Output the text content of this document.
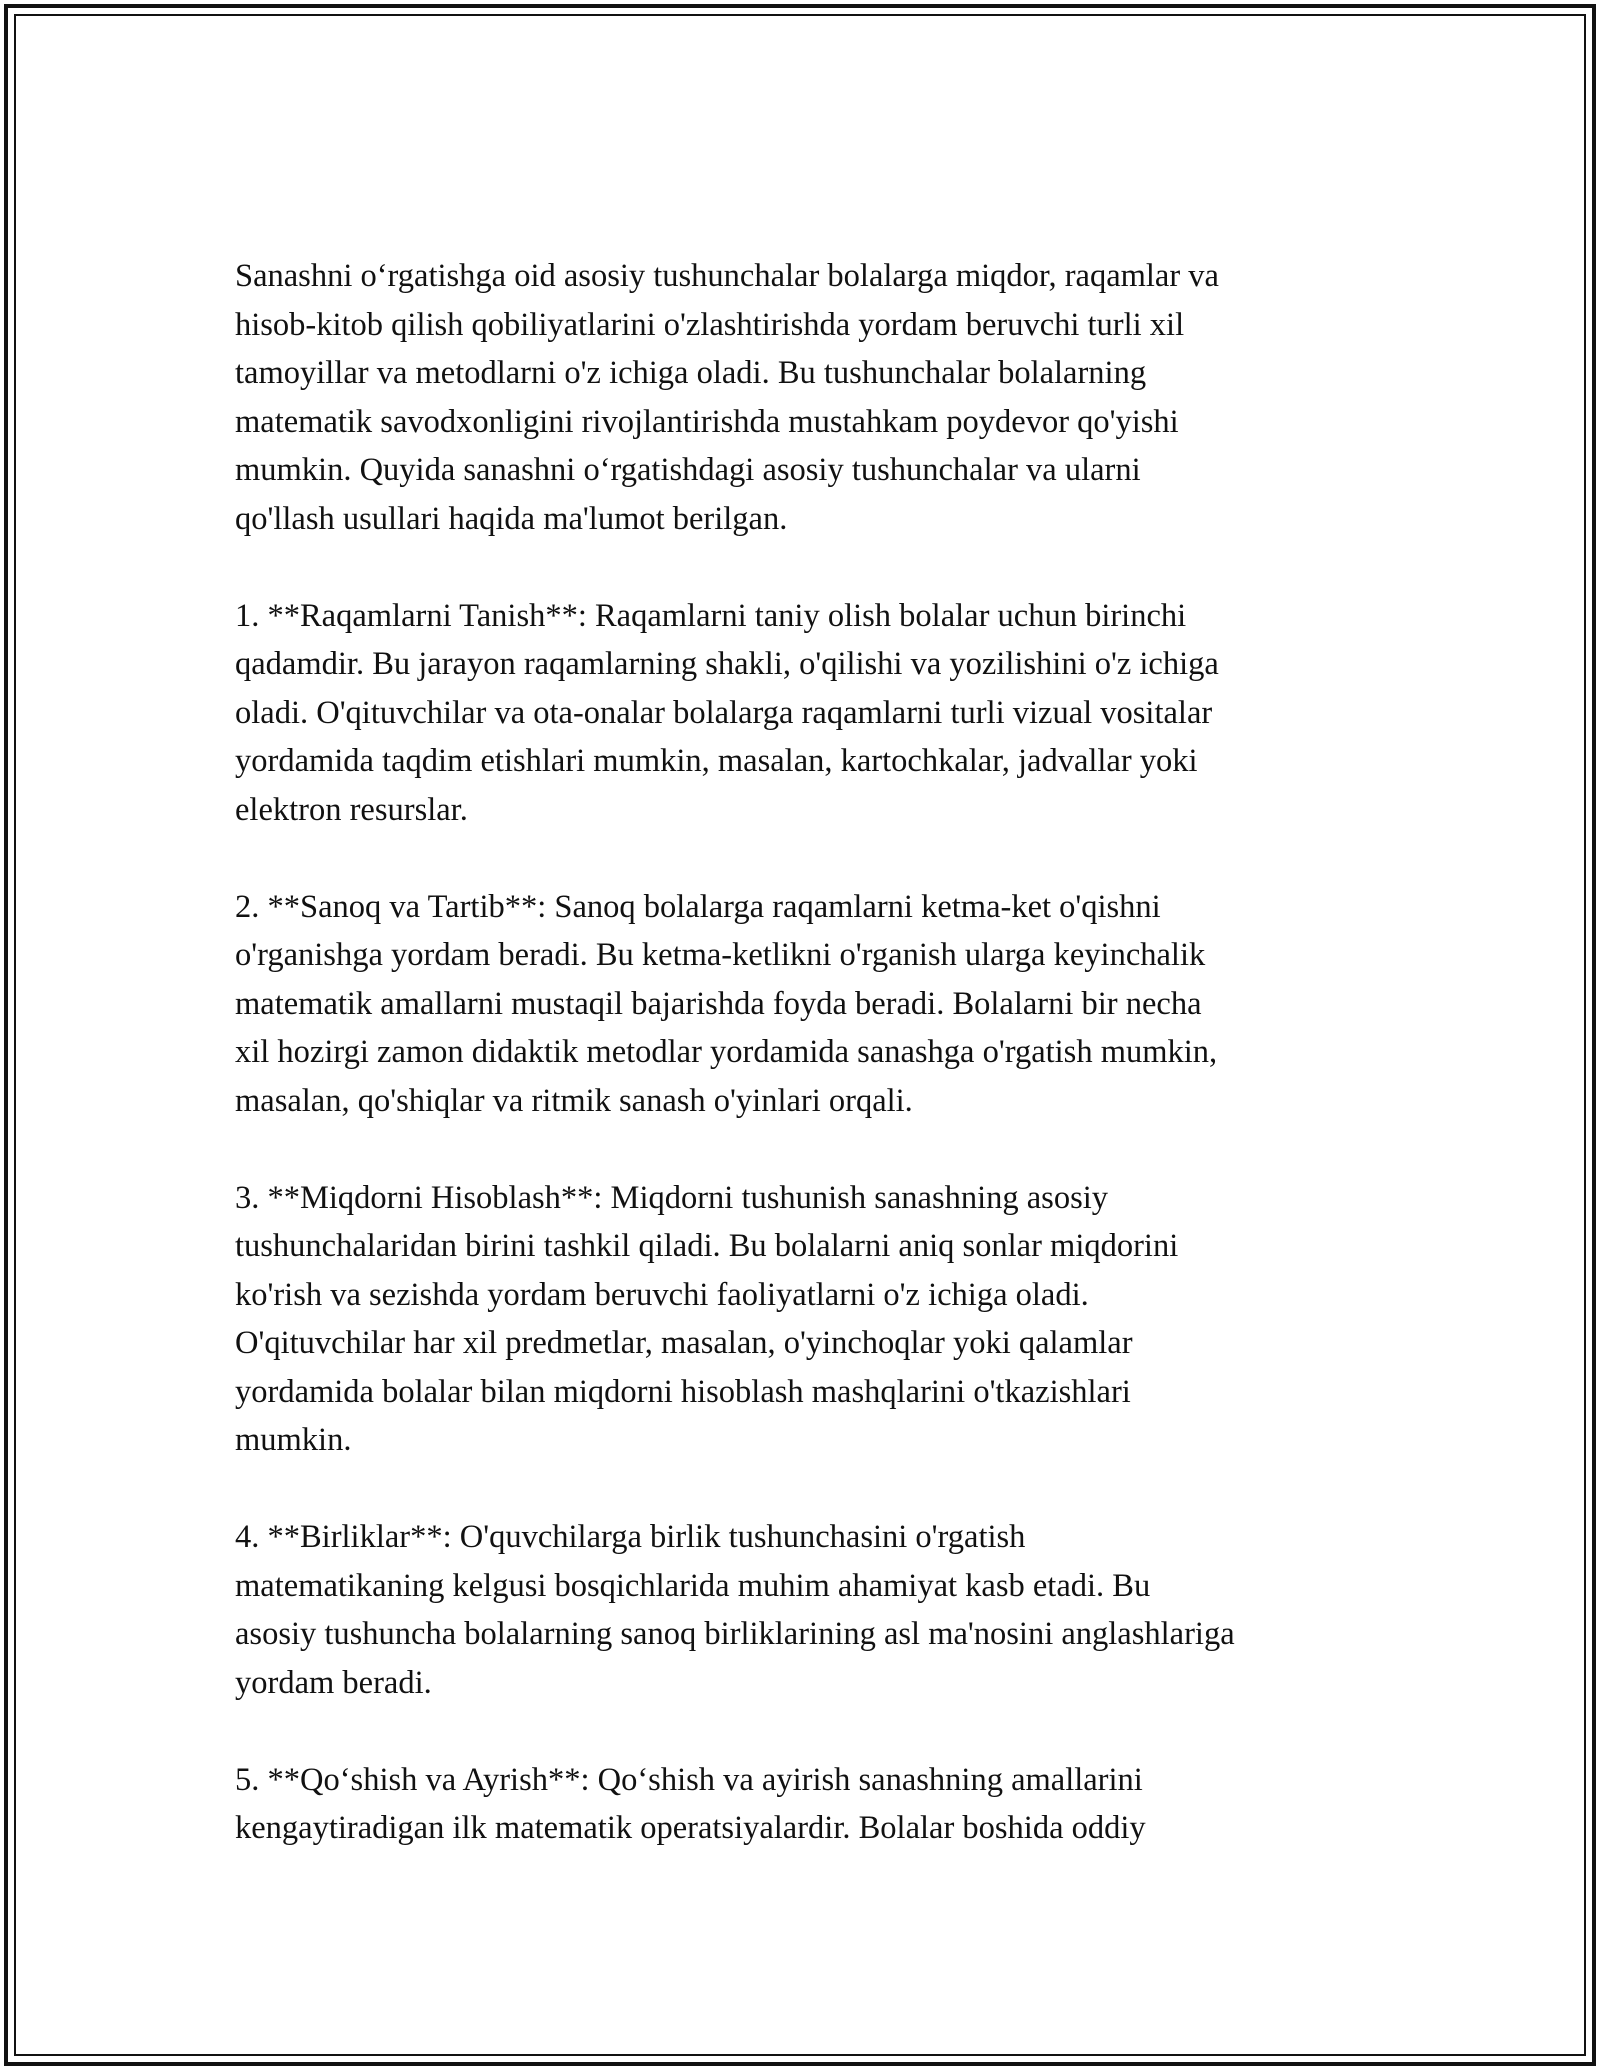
Sanashni o‘rgatishga oid asosiy tushunchalar bolalarga miqdor, raqamlar va
hisob-kitob qilish qobiliyatlarini o'zlashtirishda yordam beruvchi turli xil
tamoyillar va metodlarni o'z ichiga oladi. Bu tushunchalar bolalarning
matematik savodxonligini rivojlantirishda mustahkam poydevor qo'yishi
mumkin. Quyida sanashni o‘rgatishdagi asosiy tushunchalar va ularni
qo'llash usullari haqida ma'lumot berilgan.

1. **Raqamlarni Tanish**: Raqamlarni taniy olish bolalar uchun birinchi
qadamdir. Bu jarayon raqamlarning shakli, o'qilishi va yozilishini o'z ichiga
oladi. O'qituvchilar va ota-onalar bolalarga raqamlarni turli vizual vositalar
yordamida taqdim etishlari mumkin, masalan, kartochkalar, jadvallar yoki
elektron resurslar.

2. **Sanoq va Tartib**: Sanoq bolalarga raqamlarni ketma-ket o'qishni
o'rganishga yordam beradi. Bu ketma-ketlikni o'rganish ularga keyinchalik
matematik amallarni mustaqil bajarishda foyda beradi. Bolalarni bir necha
xil hozirgi zamon didaktik metodlar yordamida sanashga o'rgatish mumkin,
masalan, qo'shiqlar va ritmik sanash o'yinlari orqali.

3. **Miqdorni Hisoblash**: Miqdorni tushunish sanashning asosiy
tushunchalaridan birini tashkil qiladi. Bu bolalarni aniq sonlar miqdorini
ko'rish va sezishda yordam beruvchi faoliyatlarni o'z ichiga oladi.
O'qituvchilar har xil predmetlar, masalan, o'yinchoqlar yoki qalamlar
yordamida bolalar bilan miqdorni hisoblash mashqlarini o'tkazishlari
mumkin.

4. **Birliklar**: O'quvchilarga birlik tushunchasini o'rgatish
matematikaning kelgusi bosqichlarida muhim ahamiyat kasb etadi. Bu
asosiy tushuncha bolalarning sanoq birliklarining asl ma'nosini anglashlariga
yordam beradi.

5. **Qo‘shish va Ayrish**: Qo‘shish va ayirish sanashning amallarini
kengaytiradigan ilk matematik operatsiyalardir. Bolalar boshida oddiy
